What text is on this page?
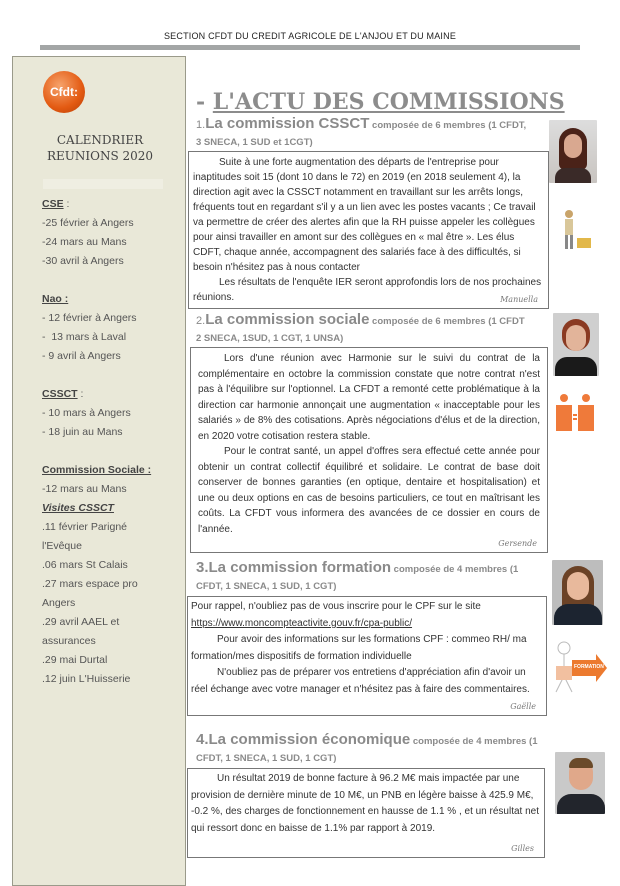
SECTION CFDT DU CREDIT AGRICOLE DE L'ANJOU ET DU MAINE
Cfdt:
CALENDRIER
REUNIONS 2020
CSE :
-25 février à Angers
-24 mars au Mans
-30 avril à Angers
Nao :
- 12 février à Angers
-  13 mars à Laval
- 9 avril à Angers
CSSCT :
- 10 mars à Angers
- 18 juin au Mans
Commission Sociale :
-12 mars au Mans
Visites CSSCT
.11 février Parigné
l'Evêque
.06 mars St Calais
.27 mars espace pro
Angers
.29 avril AAEL et
assurances
.29 mai Durtal
.12 juin L'Huisserie
- L'ACTU DES COMMISSIONS
1.La commission CSSCT composée de 6 membres (1 CFDT,
3 SNECA, 1 SUD et 1CGT)

Suite à une forte augmentation des départs de l'entreprise pour inaptitudes soit 15 (dont 10 dans le 72) en 2019 (en 2018 seulement 4), la direction agit avec la CSSCT notamment en travaillant sur les arrêts longs, fréquents tout en regardant s'il y a un lien avec les postes vacants ; Ce travail va permettre de créer des alertes afin que la RH puisse appeler les collègues pour ainsi travailler en amont sur des collègues en « mal être ». Les élus CDFT, chaque année, accompagnent des salariés face à des difficultés, si besoin n'hésitez pas à nous contacter

Les résultats de l'enquête IER seront approfondis lors de nos prochaines réunions.	Manuella
2.La commission sociale composée de 6 membres (1 CFDT
2 SNECA, 1SUD, 1 CGT, 1 UNSA)

Lors d'une réunion avec Harmonie sur le suivi du contrat de la complémentaire en octobre la commission constate que notre contrat n'est pas à l'équilibre sur l'optionnel. La CFDT a remonté cette problématique à la direction car harmonie annonçait une augmentation « inacceptable pour les salariés » de 8% des cotisations. Après négociations d'élus et de la direction, en 2020 votre cotisation restera stable.

Pour le contrat santé, un appel d'offres sera effectué cette année pour obtenir un contrat collectif équilibré et solidaire. Le contrat de base doit conserver de bonnes garanties (en optique, dentaire et hospitalisation) et une ou deux options en cas de besoins particuliers, ce tout en maîtrisant les coûts. La CFDT vous informera des avancées de ce dossier en cours de l'année.

Gersende
3.La commission formation composée de 4 membres (1
CFDT, 1 SNECA, 1 SUD, 1 CGT)

Pour rappel, n'oubliez pas de vous inscrire pour le CPF sur le site

https://www.moncompteactivite.gouv.fr/cpa-public/

Pour avoir des informations sur les formations CPF : commeo RH/ ma formation/mes dispositifs de formation individuelle

N'oubliez pas de préparer vos entretiens d'appréciation afin d'avoir un réel échange avec votre manager et n'hésitez pas à faire des commentaires.

Gaëlle
FORMATION
4.La commission économique composée de 4 membres (1
CFDT, 1 SNECA, 1 SUD, 1 CGT)

Un résultat 2019 de bonne facture à 96.2 M€ mais impactée par une provision de dernière minute de 10 M€, un PNB en légère baisse à 425.9 M€, -0.2 %, des charges de fonctionnement en hausse de 1.1 % , et un résultat net qui ressort donc en baisse de 1.1% par rapport à 2019.

Gilles
